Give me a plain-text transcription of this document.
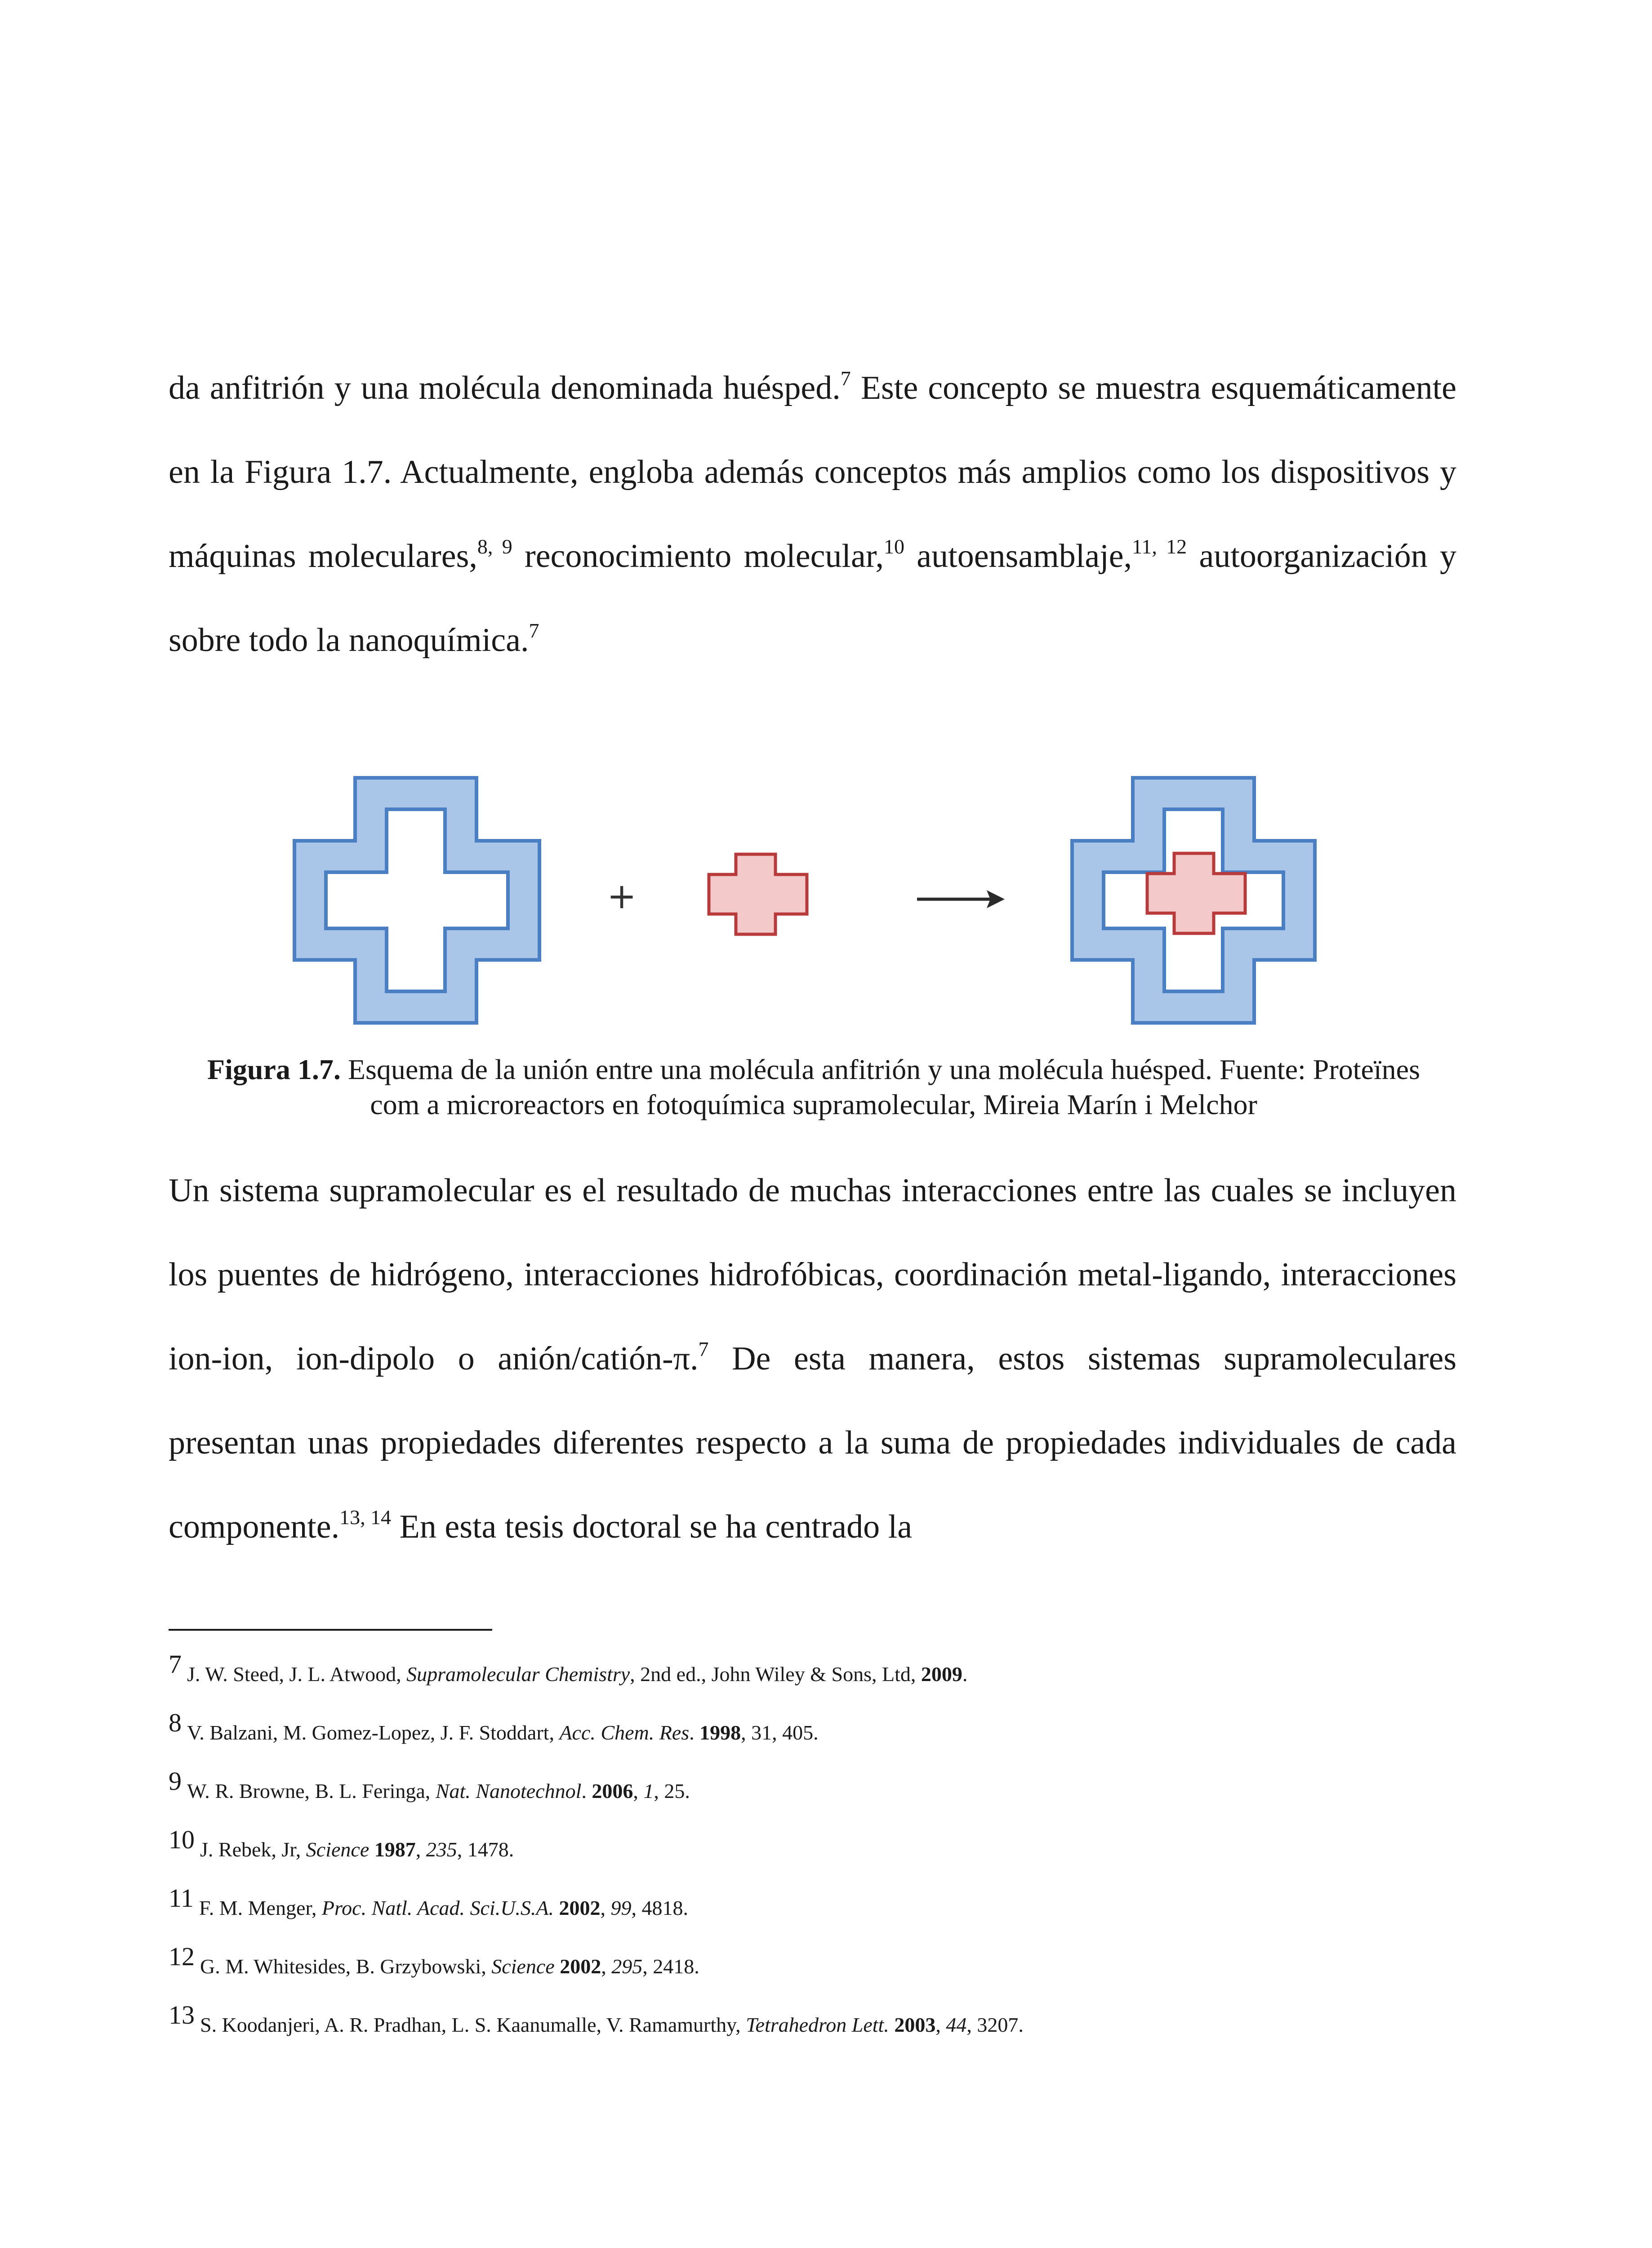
da anfitrión y una molécula denominada huésped.$^7$ Este concepto se muestra esquemáticamente en la Figura 1.7. Actualmente, engloba además conceptos más amplios como los dispositivos y máquinas moleculares,$^{8, 9}$ reconocimiento molecular,$^{10}$ autoensamblaje,$^{11, 12}$ autoorganización y sobre todo la nanoquímica.$^7$

+

Figura 1.7. Esquema de la unión entre una molécula anfitrión y una molécula huésped. Fuente: Proteïnes com a microreactors en fotoquímica supramolecular, Mireia Marín i Melchor

Un sistema supramolecular es el resultado de muchas interacciones entre las cuales se incluyen los puentes de hidrógeno, interacciones hidrofóbicas, coordinación metal-ligando, interacciones ion-ion, ion-dipolo o anión/catión-π.$^7$ De esta manera, estos sistemas supramoleculares presentan unas propiedades diferentes respecto a la suma de propiedades individuales de cada componente.$^{13, 14}$ En esta tesis doctoral se ha centrado la

7 J. W. Steed, J. L. Atwood, Supramolecular Chemistry, 2nd ed., John Wiley & Sons, Ltd, 2009.
8 V. Balzani, M. Gomez-Lopez, J. F. Stoddart, Acc. Chem. Res. 1998, 31, 405.
9 W. R. Browne, B. L. Feringa, Nat. Nanotechnol. 2006, 1, 25.
10 J. Rebek, Jr, Science 1987, 235, 1478.
11 F. M. Menger, Proc. Natl. Acad. Sci.U.S.A. 2002, 99, 4818.
12 G. M. Whitesides, B. Grzybowski, Science 2002, 295, 2418.
13 S. Koodanjeri, A. R. Pradhan, L. S. Kaanumalle, V. Ramamurthy, Tetrahedron Lett. 2003, 44, 3207.
